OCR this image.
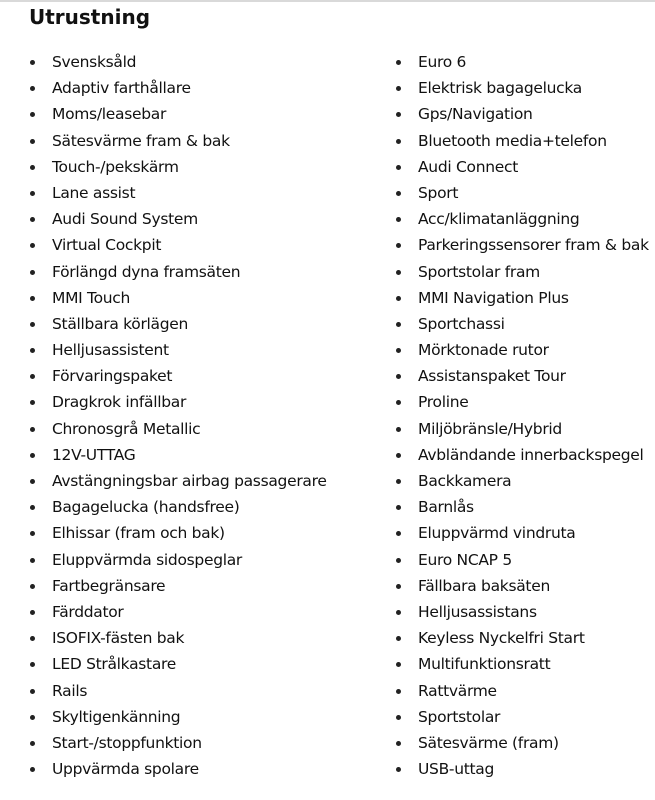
Utrustning
Svensksåld
Adaptiv farthållare
Moms/leasebar
Sätesvärme fram & bak
Touch-/pekskärm
Lane assist
Audi Sound System
Virtual Cockpit
Förlängd dyna framsäten
MMI Touch
Ställbara körlägen
Helljusassistent
Förvaringspaket
Dragkrok infällbar
Chronosgrå Metallic
12V-UTTAG
Avstängningsbar airbag passagerare
Bagagelucka (handsfree)
Elhissar (fram och bak)
Eluppvärmda sidospeglar
Fartbegränsare
Färddator
ISOFIX-fästen bak
LED Strålkastare
Rails
Skyltigenkänning
Start-/stoppfunktion
Uppvärmda spolare
Euro 6
Elektrisk bagagelucka
Gps/Navigation
Bluetooth media+telefon
Audi Connect
Sport
Acc/klimatanläggning
Parkeringssensorer fram & bak
Sportstolar fram
MMI Navigation Plus
Sportchassi
Mörktonade rutor
Assistanspaket Tour
Proline
Miljöbränsle/Hybrid
Avbländande innerbackspegel
Backkamera
Barnlås
Eluppvärmd vindruta
Euro NCAP 5
Fällbara baksäten
Helljusassistans
Keyless Nyckelfri Start
Multifunktionsratt
Rattvärme
Sportstolar
Sätesvärme (fram)
USB-uttag
